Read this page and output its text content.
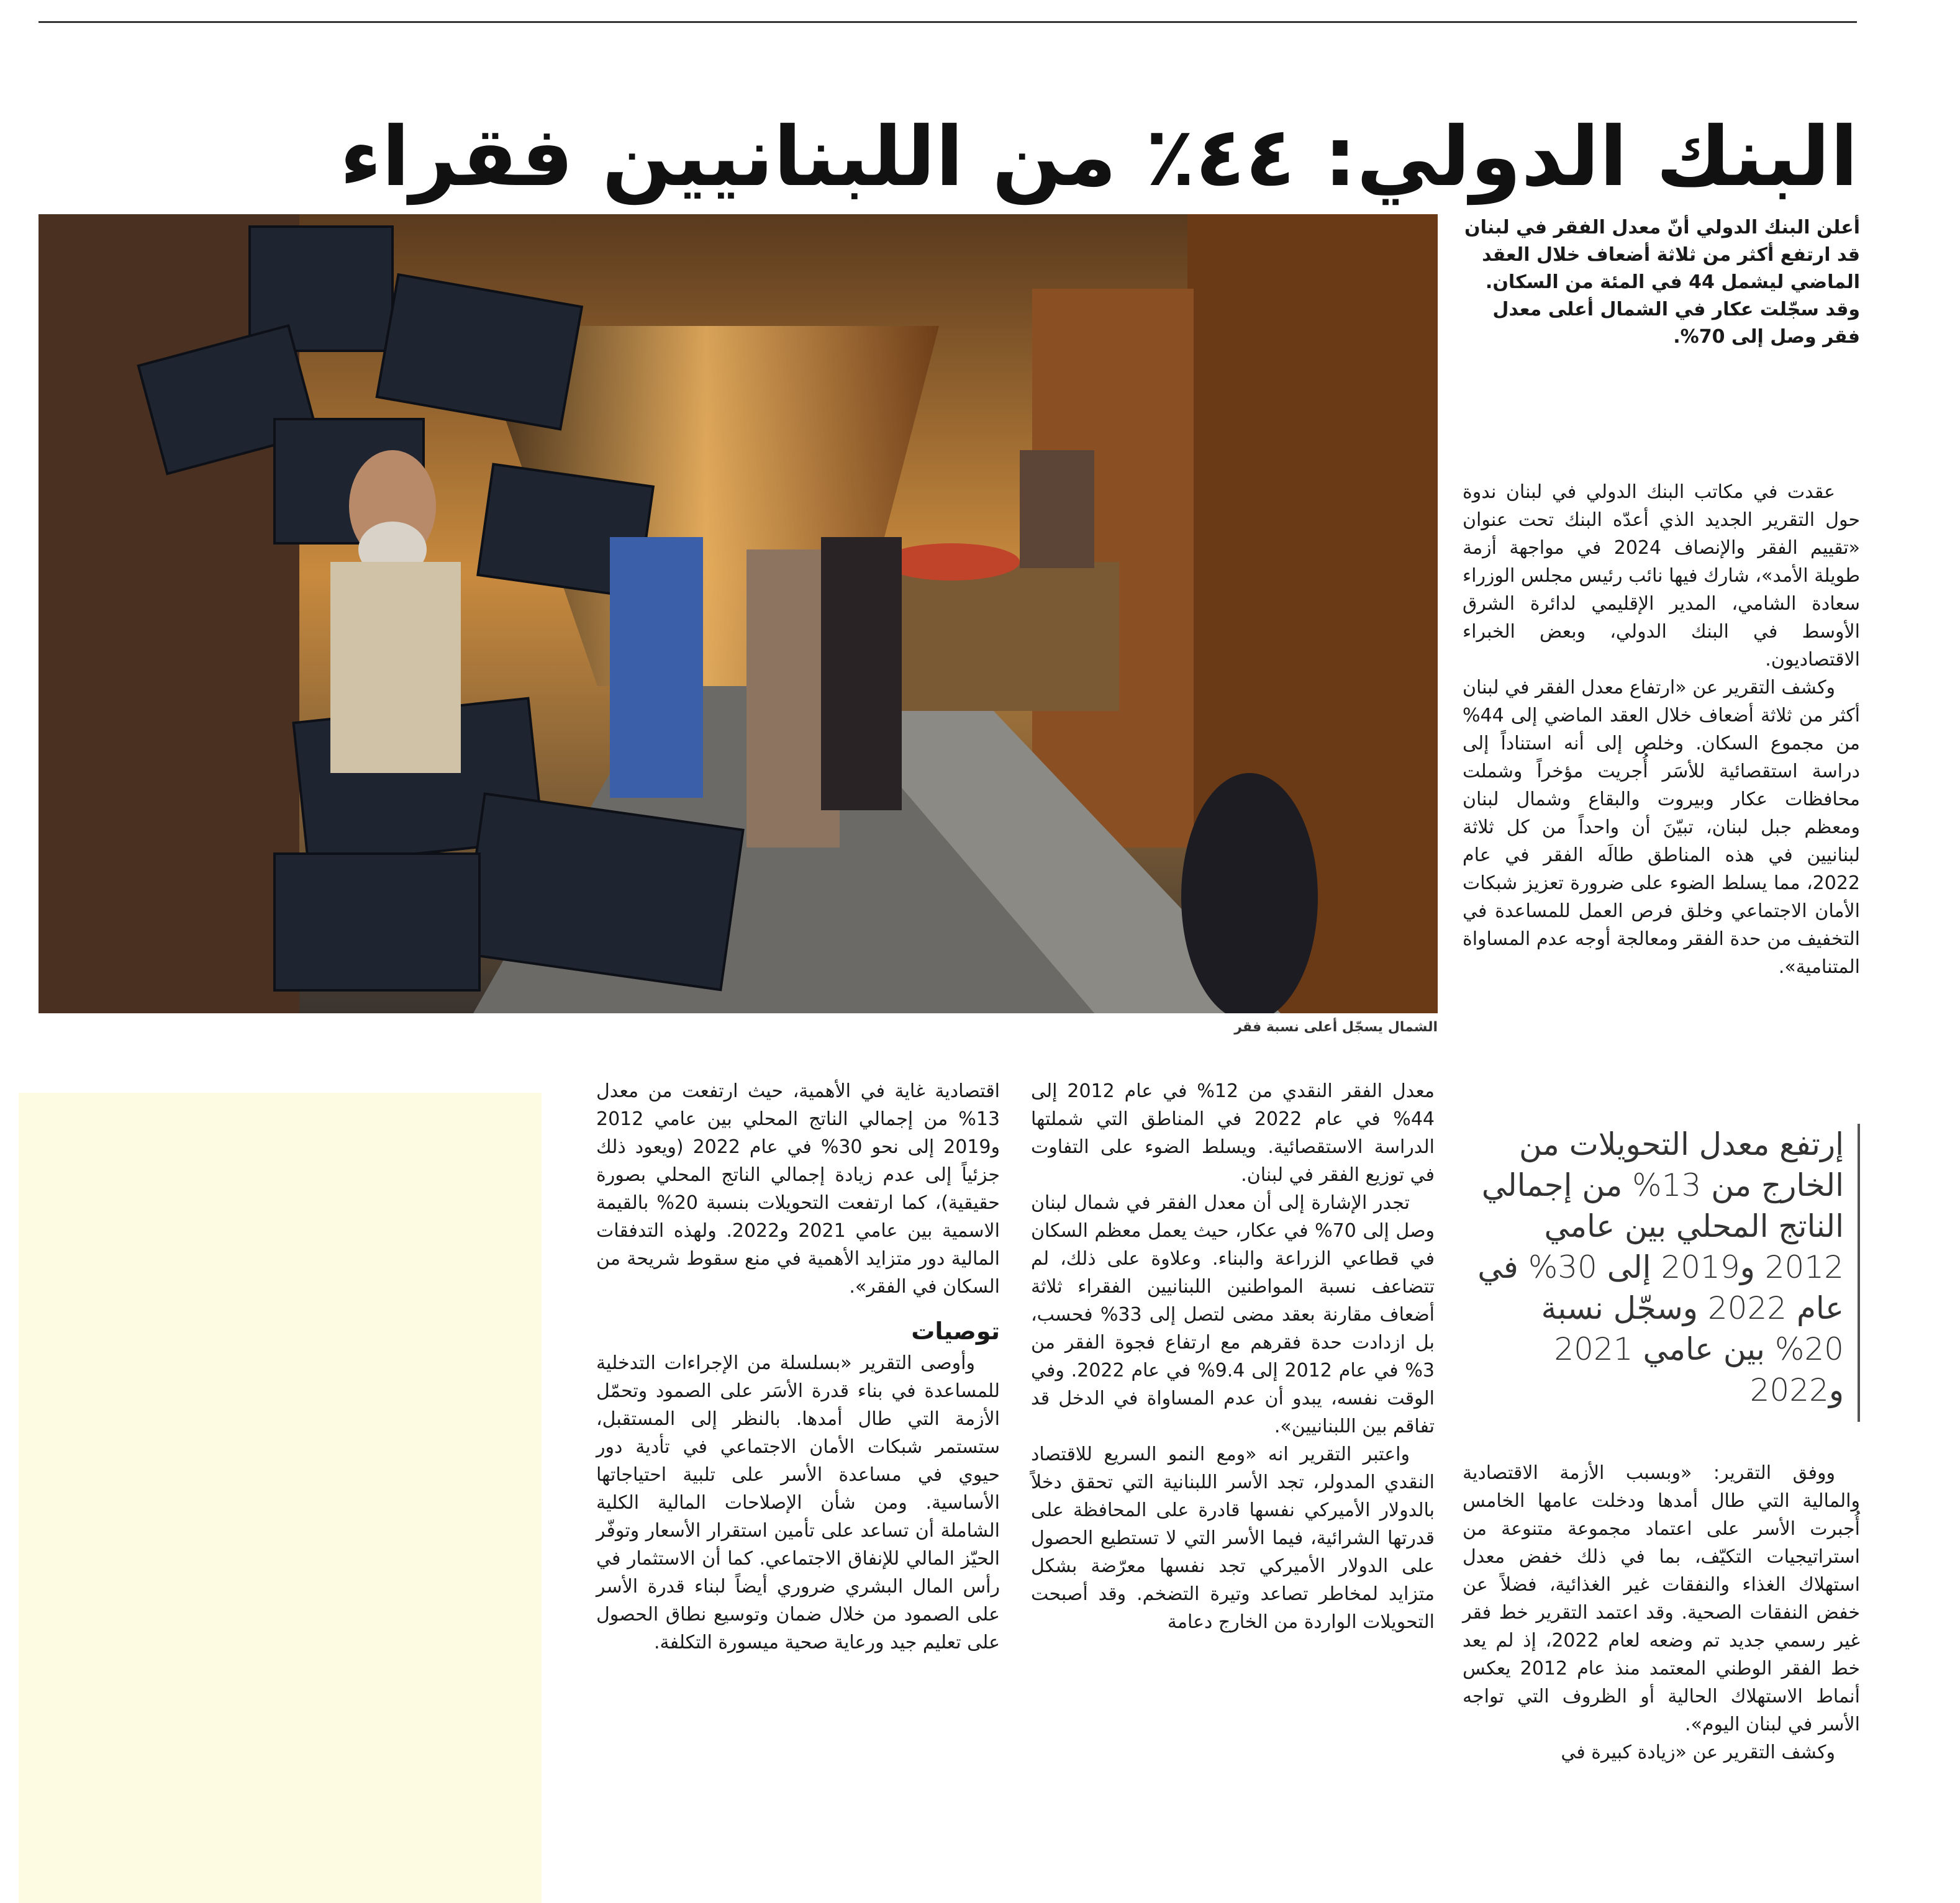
البنك الدولي: ٤٤٪ من اللبنانيين فقراء
أعلن البنك الدولي أنّ معدل الفقر في لبنان قد ارتفع أكثر من ثلاثة أضعاف خلال العقد الماضي ليشمل 44 في المئة من السكان. وقد سجّلت عكار في الشمال أعلى معدل فقر وصل إلى 70%.

عقدت في مكاتب البنك الدولي في لبنان ندوة حول التقرير الجديد الذي أعدّه البنك تحت عنوان «تقييم الفقر والإنصاف 2024 في مواجهة أزمة طويلة الأمد»، شارك فيها نائب رئيس مجلس الوزراء سعادة الشامي، المدير الإقليمي لدائرة الشرق الأوسط في البنك الدولي، وبعض الخبراء الاقتصاديون.

وكشف التقرير عن «ارتفاع معدل الفقر في لبنان أكثر من ثلاثة أضعاف خلال العقد الماضي إلى 44% من مجموع السكان. وخلص إلى أنه استناداً إلى دراسة استقصائية للأسَر أُجريت مؤخراً وشملت محافظات عكار وبيروت والبقاع وشمال لبنان ومعظم جبل لبنان، تبيّنَ أن واحداً من كل ثلاثة لبنانيين في هذه المناطق طالَه الفقر في عام 2022، مما يسلط الضوء على ضرورة تعزيز شبكات الأمان الاجتماعي وخلق فرص العمل للمساعدة في التخفيف من حدة الفقر ومعالجة أوجه عدم المساواة المتنامية».

إرتفع معدل التحويلات من الخارج من 13% من إجمالي الناتج المحلي بين عامي 2012 و2019 إلى 30% في عام 2022 وسجّل نسبة 20% بين عامي 2021 و2022

ووفق التقرير: «وبسبب الأزمة الاقتصادية والمالية التي طال أمدها ودخلت عامها الخامس أُجبرت الأسر على اعتماد مجموعة متنوعة من استراتيجيات التكيّف، بما في ذلك خفض معدل استهلاك الغذاء والنفقات غير الغذائية، فضلاً عن خفض النفقات الصحية. وقد اعتمد التقرير خط فقر غير رسمي جديد تم وضعه لعام 2022، إذ لم يعد خط الفقر الوطني المعتمد منذ عام 2012 يعكس أنماط الاستهلاك الحالية أو الظروف التي تواجه الأسر في لبنان اليوم».

وكشف التقرير عن «زيادة كبيرة في

معدل الفقر النقدي من 12% في عام 2012 إلى 44% في عام 2022 في المناطق التي شملتها الدراسة الاستقصائية. ويسلط الضوء على التفاوت في توزيع الفقر في لبنان.

تجدر الإشارة إلى أن معدل الفقر في شمال لبنان وصل إلى 70% في عكار، حيث يعمل معظم السكان في قطاعي الزراعة والبناء. وعلاوة على ذلك، لم تتضاعف نسبة المواطنين اللبنانيين الفقراء ثلاثة أضعاف مقارنة بعقد مضى لتصل إلى 33% فحسب، بل ازدادت حدة فقرهم مع ارتفاع فجوة الفقر من 3% في عام 2012 إلى 9.4% في عام 2022. وفي الوقت نفسه، يبدو أن عدم المساواة في الدخل قد تفاقم بين اللبنانيين».

واعتبر التقرير انه «ومع النمو السريع للاقتصاد النقدي المدولر، تجد الأسر اللبنانية التي تحقق دخلاً بالدولار الأميركي نفسها قادرة على المحافظة على قدرتها الشرائية، فيما الأسر التي لا تستطيع الحصول على الدولار الأميركي تجد نفسها معرّضة بشكل متزايد لمخاطر تصاعد وتيرة التضخم. وقد أصبحت التحويلات الواردة من الخارج دعامة

اقتصادية غاية في الأهمية، حيث ارتفعت من معدل 13% من إجمالي الناتج المحلي بين عامي 2012 و2019 إلى نحو 30% في عام 2022 (ويعود ذلك جزئياً إلى عدم زيادة إجمالي الناتج المحلي بصورة حقيقية)، كما ارتفعت التحويلات بنسبة 20% بالقيمة الاسمية بين عامي 2021 و2022. ولهذه التدفقات المالية دور متزايد الأهمية في منع سقوط شريحة من السكان في الفقر».

توصيات

وأوصى التقرير «بسلسلة من الإجراءات التدخلية للمساعدة في بناء قدرة الأسَر على الصمود وتحمّل الأزمة التي طال أمدها. بالنظر إلى المستقبل، ستستمر شبكات الأمان الاجتماعي في تأدية دور حيوي في مساعدة الأسر على تلبية احتياجاتها الأساسية. ومن شأن الإصلاحات المالية الكلية الشاملة أن تساعد على تأمين استقرار الأسعار وتوفّر الحيّز المالي للإنفاق الاجتماعي. كما أن الاستثمار في رأس المال البشري ضروري أيضاً لبناء قدرة الأسر على الصمود من خلال ضمان وتوسيع نطاق الحصول على تعليم جيد ورعاية صحية ميسورة التكلفة.

الشمال يسجّل أعلى نسبة فقر
